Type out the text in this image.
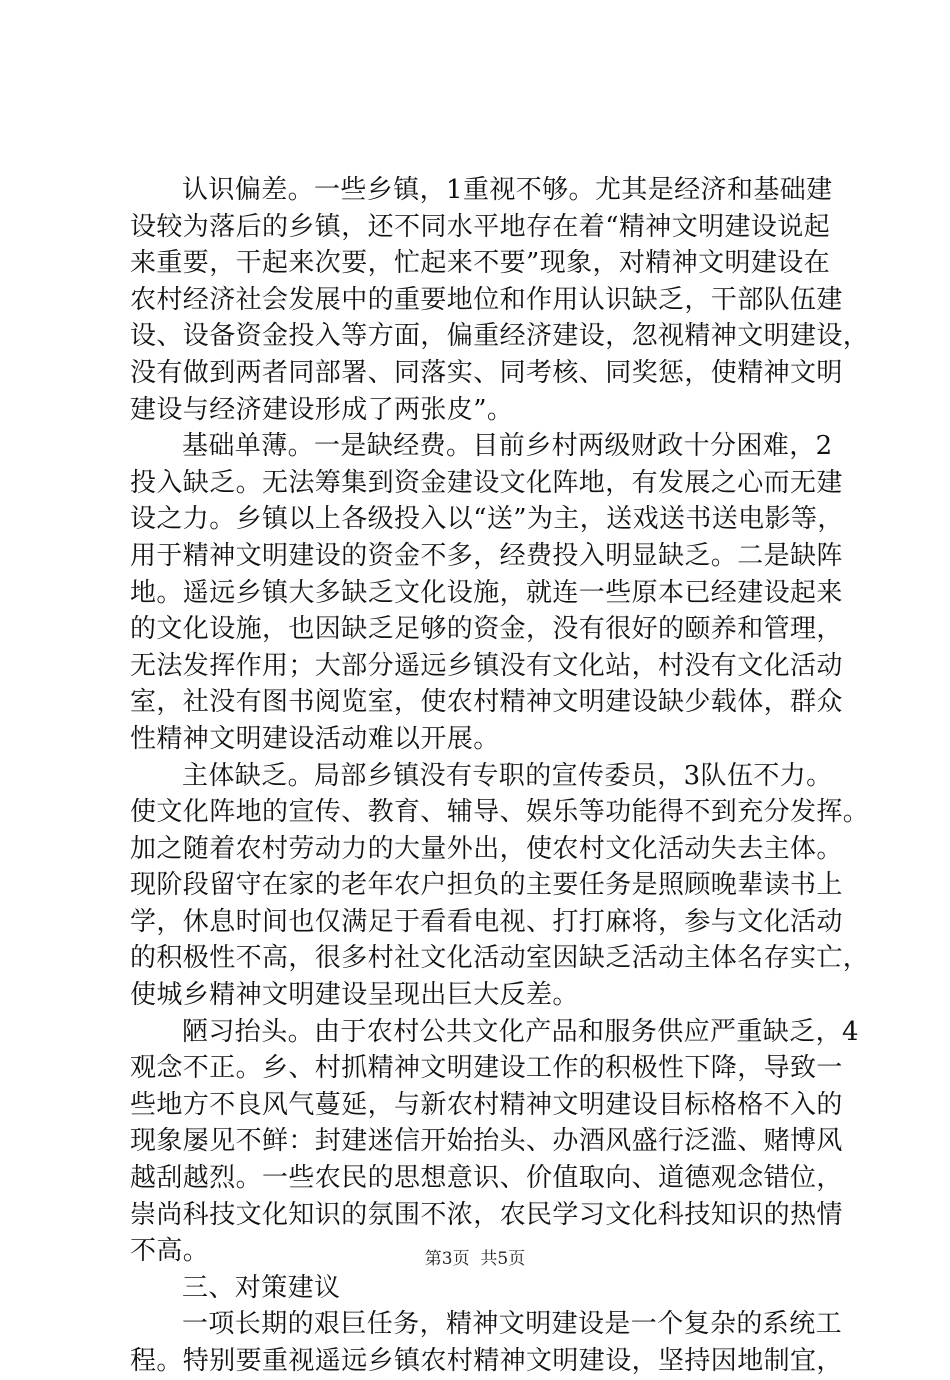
认识偏差。一些乡镇，1重视不够。尤其是经济和基础建
设较为落后的乡镇，还不同水平地存在着“精神文明建设说起
来重要，干起来次要，忙起来不要”现象，对精神文明建设在
农村经济社会发展中的重要地位和作用认识缺乏，干部队伍建
设、设备资金投入等方面，偏重经济建设，忽视精神文明建设，
没有做到两者同部署、同落实、同考核、同奖惩，使精神文明
建设与经济建设形成了两张皮”。
基础单薄。一是缺经费。目前乡村两级财政十分困难，2
投入缺乏。无法筹集到资金建设文化阵地，有发展之心而无建
设之力。乡镇以上各级投入以“送”为主，送戏送书送电影等，
用于精神文明建设的资金不多，经费投入明显缺乏。二是缺阵
地。遥远乡镇大多缺乏文化设施，就连一些原本已经建设起来
的文化设施，也因缺乏足够的资金，没有很好的颐养和管理，
无法发挥作用；大部分遥远乡镇没有文化站，村没有文化活动
室，社没有图书阅览室，使农村精神文明建设缺少载体，群众
性精神文明建设活动难以开展。
主体缺乏。局部乡镇没有专职的宣传委员，3队伍不力。
使文化阵地的宣传、教育、辅导、娱乐等功能得不到充分发挥。
加之随着农村劳动力的大量外出，使农村文化活动失去主体。
现阶段留守在家的老年农户担负的主要任务是照顾晚辈读书上
学，休息时间也仅满足于看看电视、打打麻将，参与文化活动
的积极性不高，很多村社文化活动室因缺乏活动主体名存实亡，
使城乡精神文明建设呈现出巨大反差。
陋习抬头。由于农村公共文化产品和服务供应严重缺乏，4
观念不正。乡、村抓精神文明建设工作的积极性下降，导致一
些地方不良风气蔓延，与新农村精神文明建设目标格格不入的
现象屡见不鲜：封建迷信开始抬头、办酒风盛行泛滥、赌博风
越刮越烈。一些农民的思想意识、价值取向、道德观念错位，
崇尚科技文化知识的氛围不浓，农民学习文化科技知识的热情
不高。
三、对策建议
一项长期的艰巨任务，精神文明建设是一个复杂的系统工
程。特别要重视遥远乡镇农村精神文明建设，坚持因地制宜，
第3页  共5页
